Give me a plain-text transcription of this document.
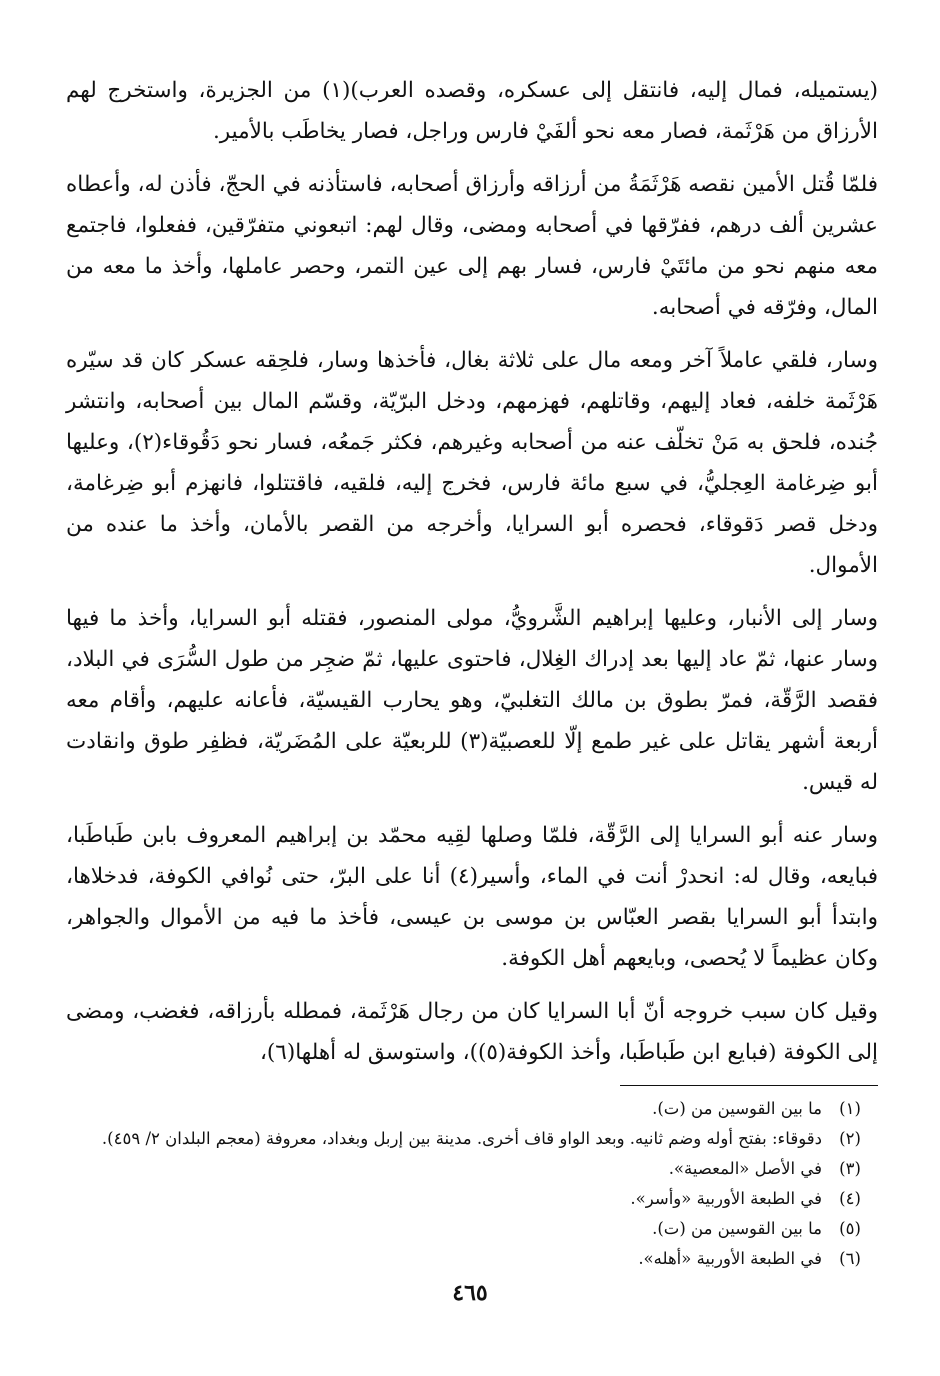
(يستميله، فمال إليه، فانتقل إلى عسكره، وقصده العرب)(١) من الجزيرة، واستخرج لهم الأرزاق من هَرْثَمة، فصار معه نحو ألفَيْ فارس وراجل، فصار يخاطَب بالأمير.

فلمّا قُتل الأمين نقصه هَرْثَمَةُ من أرزاقه وأرزاق أصحابه، فاستأذنه في الحجّ، فأذن له، وأعطاه عشرين ألف درهم، ففرّقها في أصحابه ومضى، وقال لهم: اتبعوني متفرّقين، ففعلوا، فاجتمع معه منهم نحو من مائتَيْ فارس، فسار بهم إلى عين التمر، وحصر عاملها، وأخذ ما معه من المال، وفرّقه في أصحابه.

وسار، فلقي عاملاً آخر ومعه مال على ثلاثة بغال، فأخذها وسار، فلحِقه عسكر كان قد سيّره هَرْثَمة خلفه، فعاد إليهم، وقاتلهم، فهزمهم، ودخل البرّيّة، وقسّم المال بين أصحابه، وانتشر جُنده، فلحق به مَنْ تخلّف عنه من أصحابه وغيرهم، فكثر جَمعُه، فسار نحو دَقُوقاء(٢)، وعليها أبو ضِرغامة العِجليُّ، في سبع مائة فارس، فخرج إليه، فلقيه، فاقتتلوا، فانهزم أبو ضِرغامة، ودخل قصر دَقوقاء، فحصره أبو السرايا، وأخرجه من القصر بالأمان، وأخذ ما عنده من الأموال.

وسار إلى الأنبار، وعليها إبراهيم الشَّرويُّ، مولى المنصور، فقتله أبو السرايا، وأخذ ما فيها وسار عنها، ثمّ عاد إليها بعد إدراك الغِلال، فاحتوى عليها، ثمّ ضجِر من طول السُّرَى في البلاد، فقصد الرَّقّة، فمرّ بطوق بن مالك التغلبيّ، وهو يحارب القيسيّة، فأعانه عليهم، وأقام معه أربعة أشهر يقاتل على غير طمع إلّا للعصبيّة(٣) للربعيّة على المُضَريّة، فظفِر طوق وانقادت له قيس.

وسار عنه أبو السرايا إلى الرَّقّة، فلمّا وصلها لقِيه محمّد بن إبراهيم المعروف بابن طَباطَبا، فبايعه، وقال له: انحدرْ أنت في الماء، وأسير(٤) أنا على البرّ، حتى نُوافي الكوفة، فدخلاها، وابتدأ أبو السرايا بقصر العبّاس بن موسى بن عيسى، فأخذ ما فيه من الأموال والجواهر، وكان عظيماً لا يُحصى، وبايعهم أهل الكوفة.

وقيل كان سبب خروجه أنّ أبا السرايا كان من رجال هَرْثَمة، فمطله بأرزاقه، فغضب، ومضى إلى الكوفة (فبايع ابن طَباطَبا، وأخذ الكوفة(٥))، واستوسق له أهلها(٦)،

(١)
ما بين القوسين من (ت).
(٢)
دقوقاء: بفتح أوله وضم ثانيه. وبعد الواو قاف أخرى. مدينة بين إربل وبغداد، معروفة (معجم البلدان ٢/ ٤٥٩).
(٣)
في الأصل «المعصية».
(٤)
في الطبعة الأوربية «وأسر».
(٥)
ما بين القوسين من (ت).
(٦)
في الطبعة الأوربية «أهله».
٤٦٥
